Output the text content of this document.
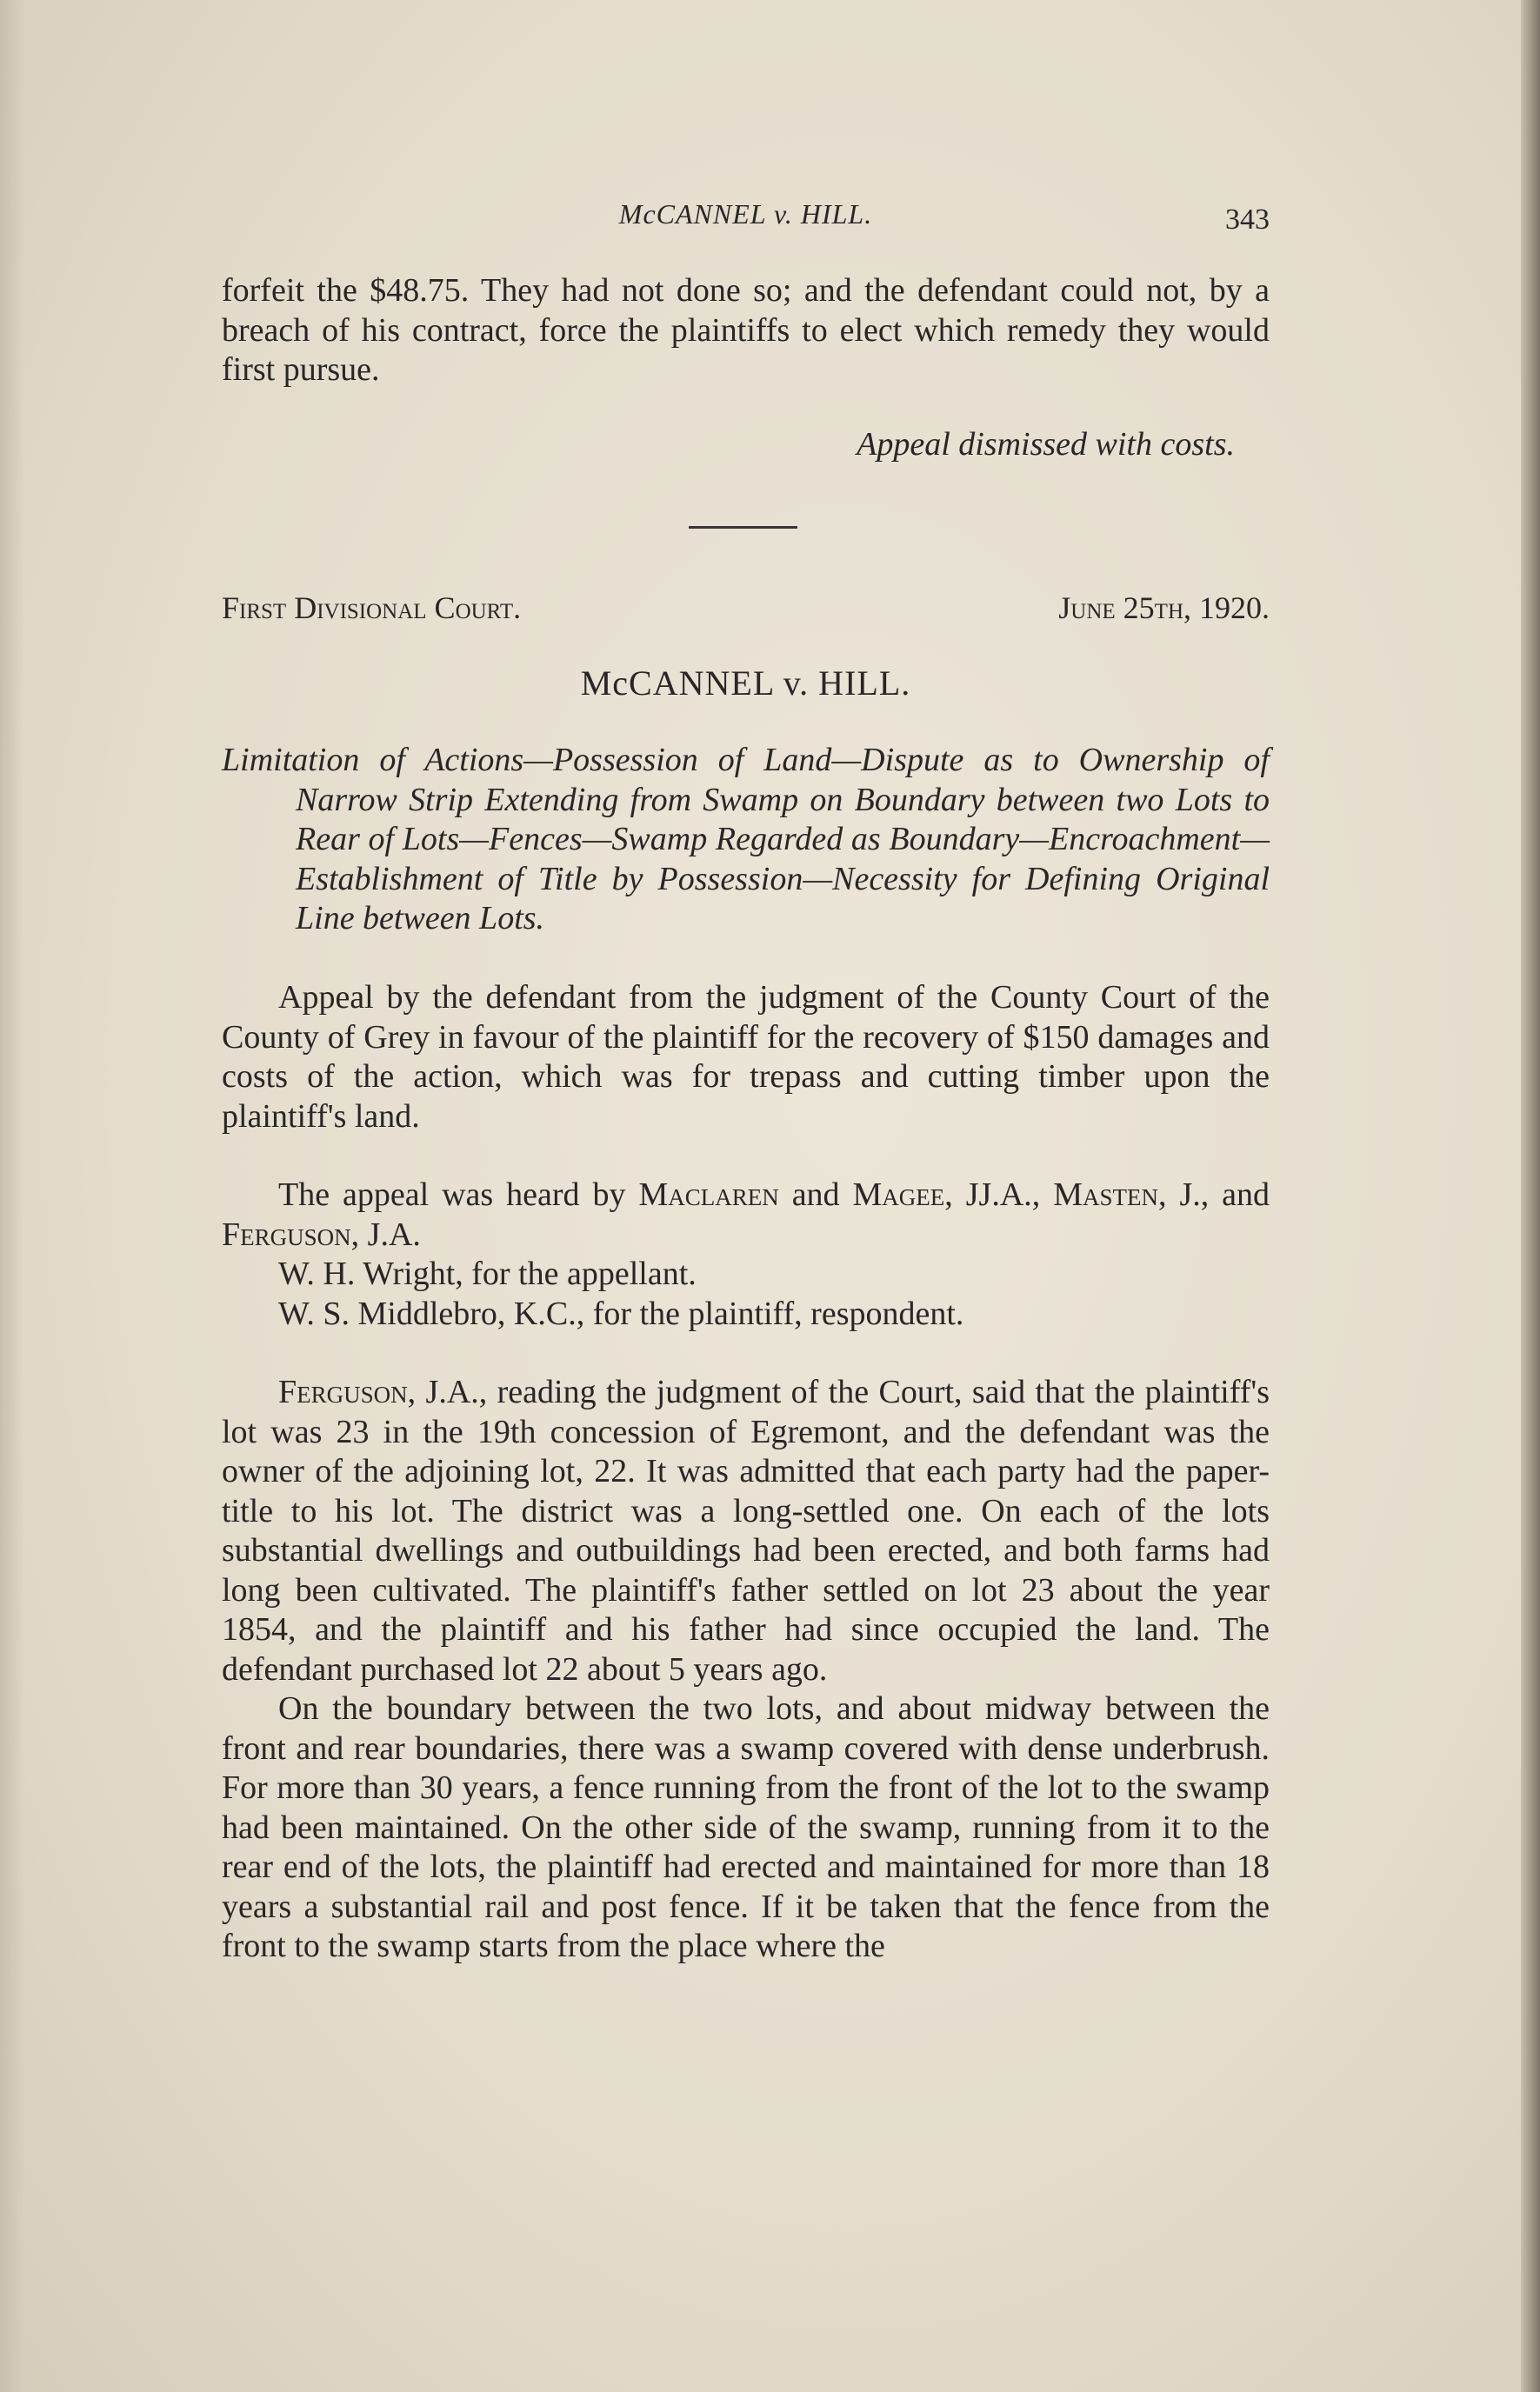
McCANNEL v. HILL.	343

forfeit the $48.75. They had not done so; and the defendant could not, by a breach of his contract, force the plaintiffs to elect which remedy they would first pursue.

Appeal dismissed with costs.

First Divisional Court.	June 25th, 1920.
McCANNEL v. HILL.

Limitation of Actions—Possession of Land—Dispute as to Ownership of Narrow Strip Extending from Swamp on Boundary between two Lots to Rear of Lots—Fences—Swamp Regarded as Boundary—Encroachment—Establishment of Title by Possession—Necessity for Defining Original Line between Lots.

Appeal by the defendant from the judgment of the County Court of the County of Grey in favour of the plaintiff for the recovery of $150 damages and costs of the action, which was for trepass and cutting timber upon the plaintiff's land.

The appeal was heard by Maclaren and Magee, JJ.A., Masten, J., and Ferguson, J.A.

W. H. Wright, for the appellant.

W. S. Middlebro, K.C., for the plaintiff, respondent.

Ferguson, J.A., reading the judgment of the Court, said that the plaintiff's lot was 23 in the 19th concession of Egremont, and the defendant was the owner of the adjoining lot, 22. It was admitted that each party had the paper-title to his lot. The district was a long-settled one. On each of the lots substantial dwellings and outbuildings had been erected, and both farms had long been cultivated. The plaintiff's father settled on lot 23 about the year 1854, and the plaintiff and his father had since occupied the land. The defendant purchased lot 22 about 5 years ago.

On the boundary between the two lots, and about midway between the front and rear boundaries, there was a swamp covered with dense underbrush. For more than 30 years, a fence running from the front of the lot to the swamp had been maintained. On the other side of the swamp, running from it to the rear end of the lots, the plaintiff had erected and maintained for more than 18 years a substantial rail and post fence. If it be taken that the fence from the front to the swamp starts from the place where the
